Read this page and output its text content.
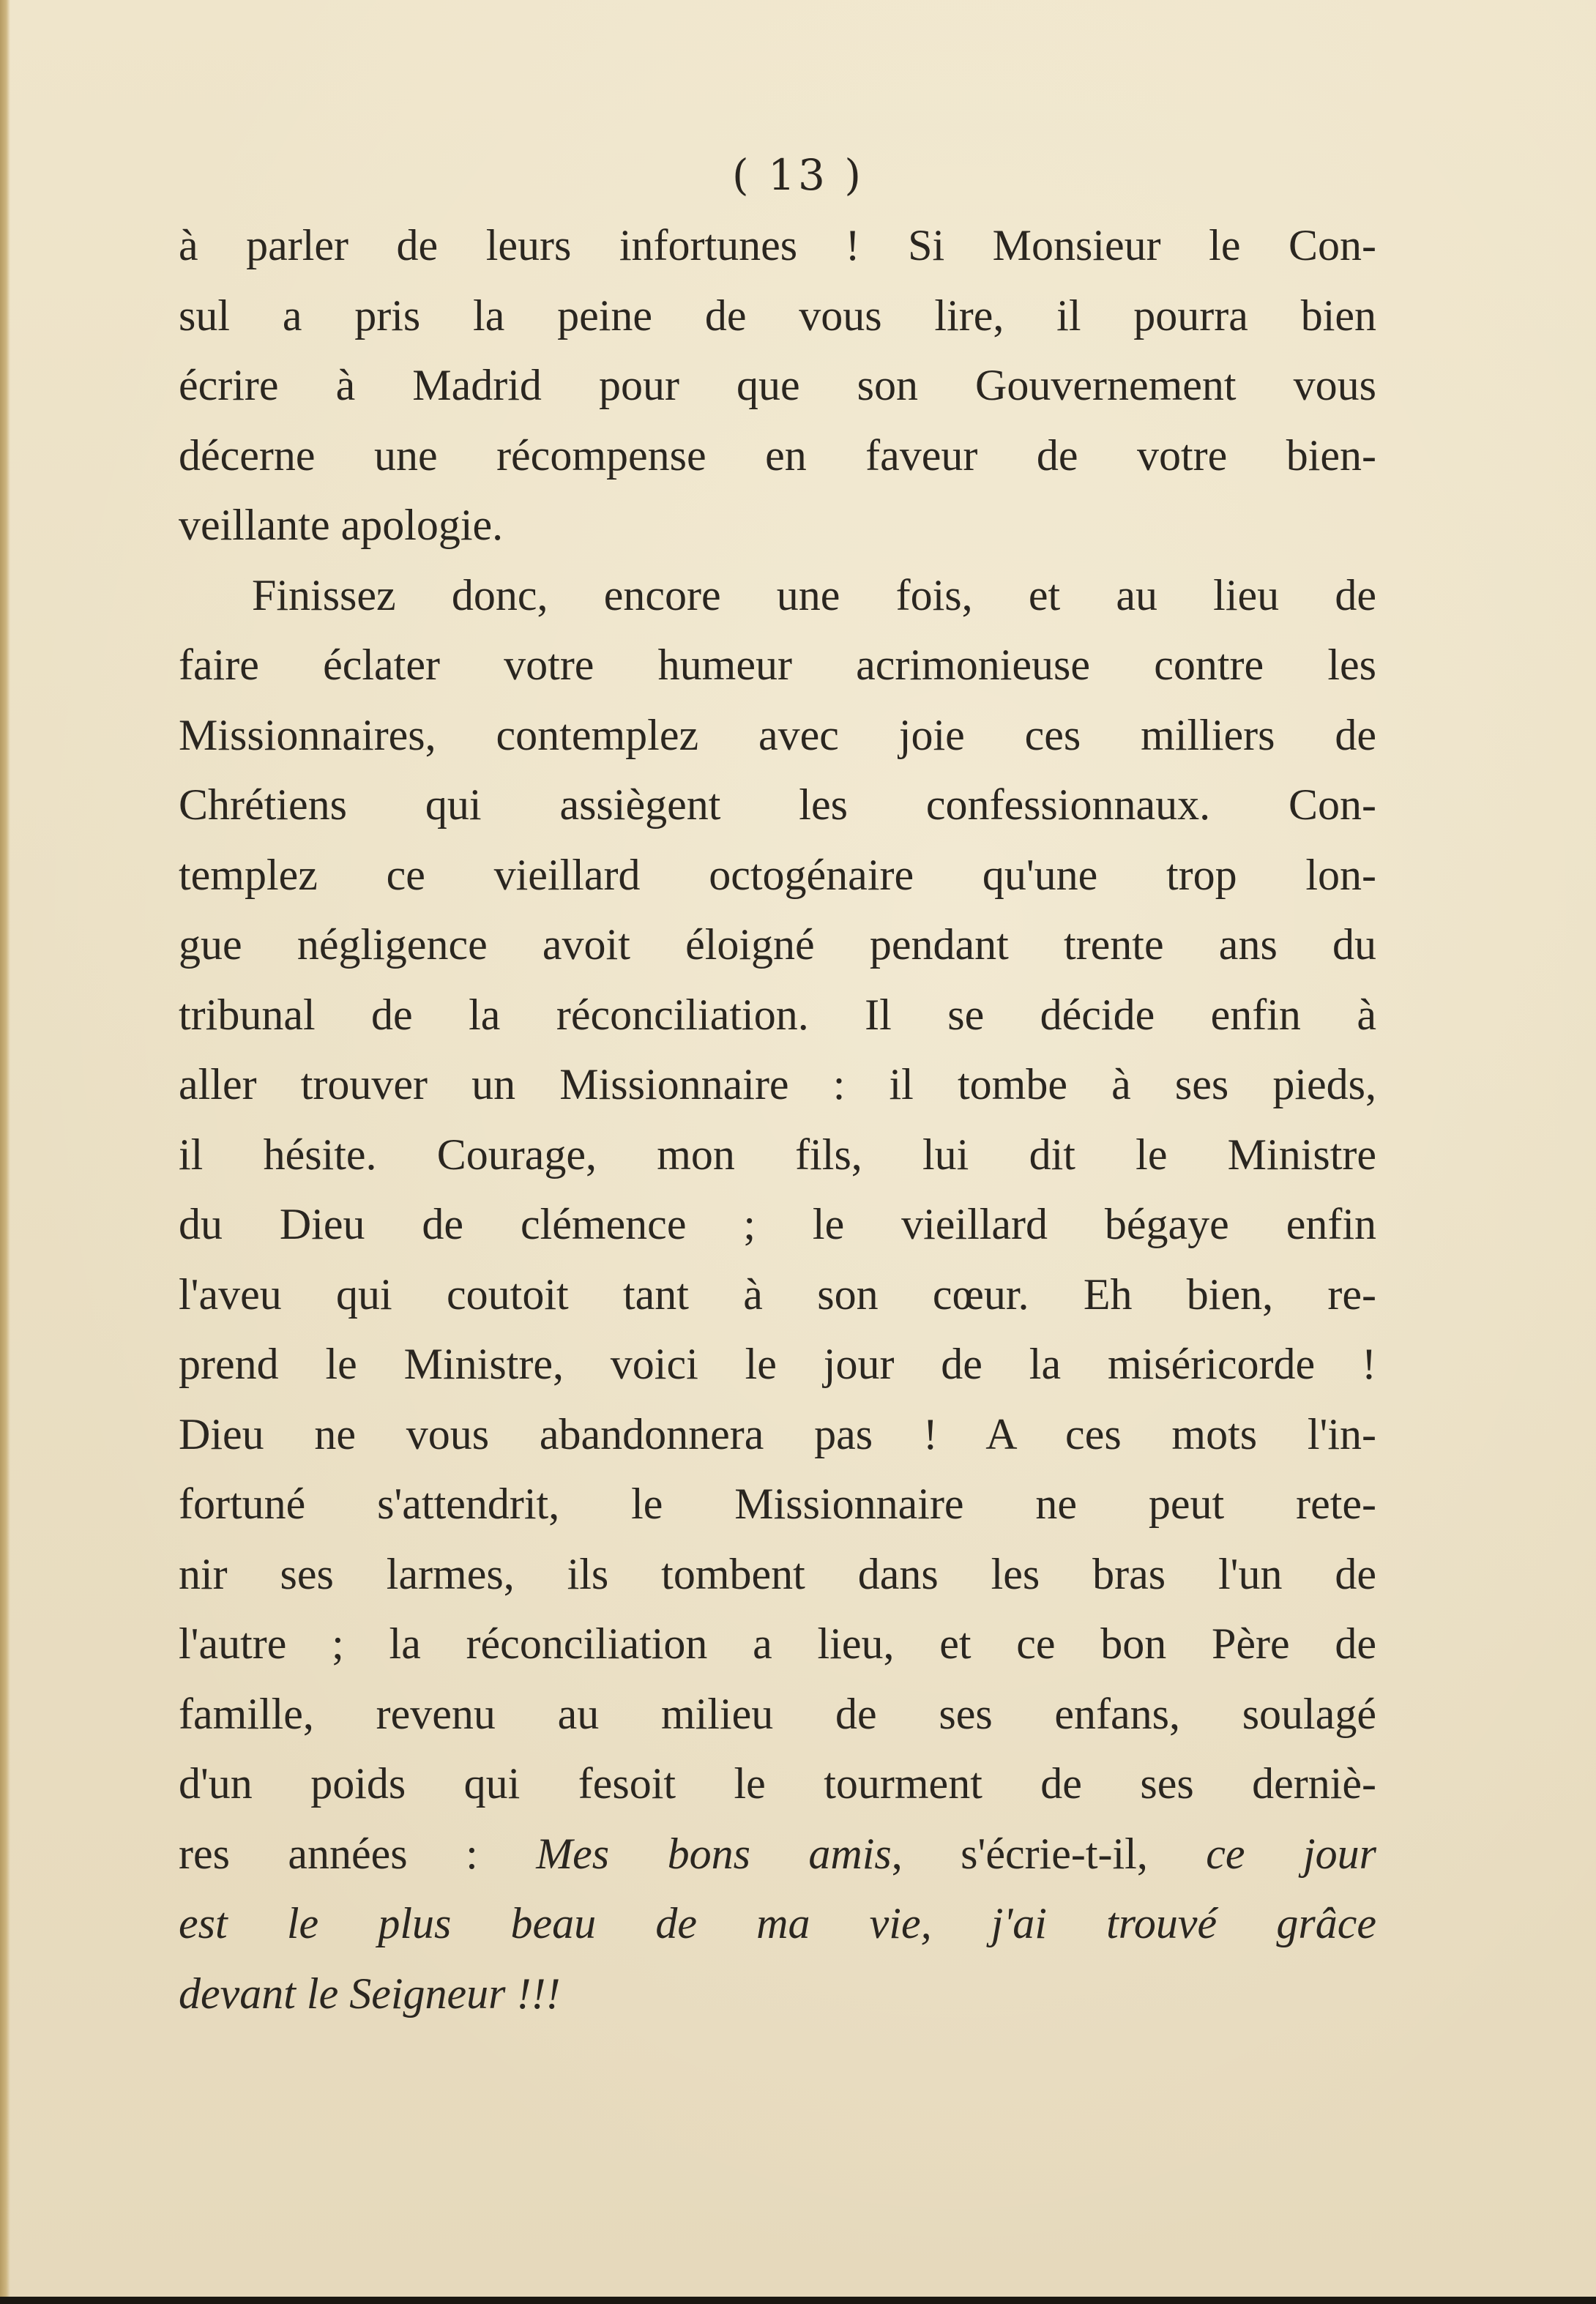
( 13 )
à parler de leurs infortunes ! Si Monsieur le Con-
sul a pris la peine de vous lire, il pourra bien
écrire à Madrid pour que son Gouvernement vous
décerne une récompense en faveur de votre bien-
veillante apologie.
Finissez donc, encore une fois, et au lieu de
faire éclater votre humeur acrimonieuse contre les
Missionnaires, contemplez avec joie ces milliers de
Chrétiens qui assiègent les confessionnaux. Con-
templez ce vieillard octogénaire qu'une trop lon-
gue négligence avoit éloigné pendant trente ans du
tribunal de la réconciliation. Il se décide enfin à
aller trouver un Missionnaire : il tombe à ses pieds,
il hésite. Courage, mon fils, lui dit le Ministre
du Dieu de clémence ; le vieillard bégaye enfin
l'aveu qui coutoit tant à son cœur. Eh bien, re-
prend le Ministre, voici le jour de la miséricorde !
Dieu ne vous abandonnera pas ! A ces mots l'in-
fortuné s'attendrit, le Missionnaire ne peut rete-
nir ses larmes, ils tombent dans les bras l'un de
l'autre ; la réconciliation a lieu, et ce bon Père de
famille, revenu au milieu de ses enfans, soulagé
d'un poids qui fesoit le tourment de ses derniè-
res années : Mes bons amis, s'écrie-t-il, ce jour
est le plus beau de ma vie, j'ai trouvé grâce
devant le Seigneur !!!
